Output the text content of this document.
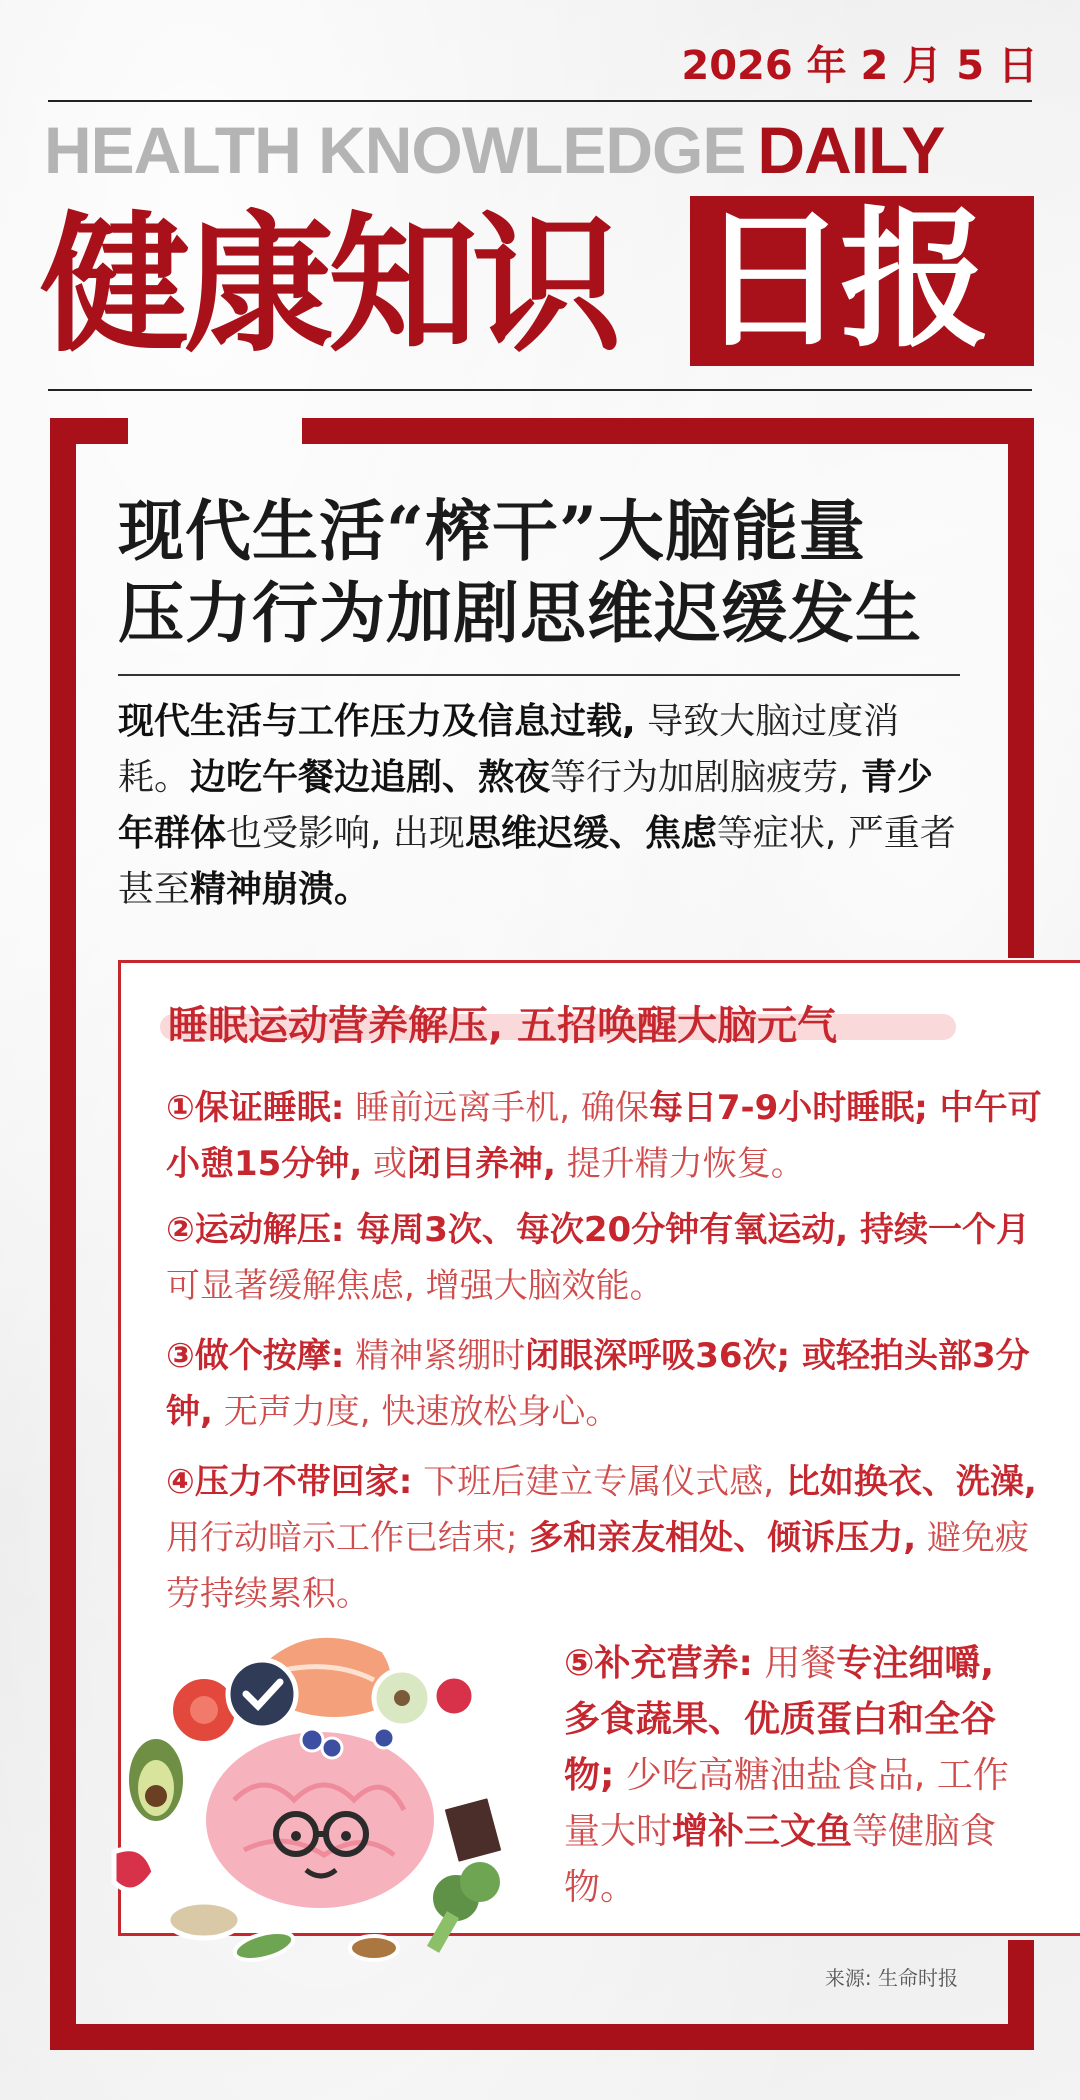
2026 年 2 月 5 日
HEALTH KNOWLEDGE DAILY
健康知识 日报
现代生活“榨干”大脑能量
压力行为加剧思维迟缓发生
现代生活与工作压力及信息过载, 导致大脑过度消耗。边吃午餐边追剧、熬夜等行为加剧脑疲劳, 青少年群体也受影响, 出现思维迟缓、焦虑等症状, 严重者甚至精神崩溃。
睡眠运动营养解压, 五招唤醒大脑元气
①保证睡眠: 睡前远离手机, 确保每日7-9小时睡眠; 中午可小憩15分钟, 或闭目养神, 提升精力恢复。
②运动解压: 每周3次、每次20分钟有氧运动, 持续一个月可显著缓解焦虑, 增强大脑效能。
③做个按摩: 精神紧绷时闭眼深呼吸36次; 或轻拍头部3分钟, 无声力度, 快速放松身心。
④压力不带回家: 下班后建立专属仪式感, 比如换衣、洗澡, 用行动暗示工作已结束; 多和亲友相处、倾诉压力, 避免疲劳持续累积。
⑤补充营养: 用餐专注细嚼, 多食蔬果、优质蛋白和全谷物; 少吃高糖油盐食品, 工作量大时增补三文鱼等健脑食物。
来源: 生命时报
